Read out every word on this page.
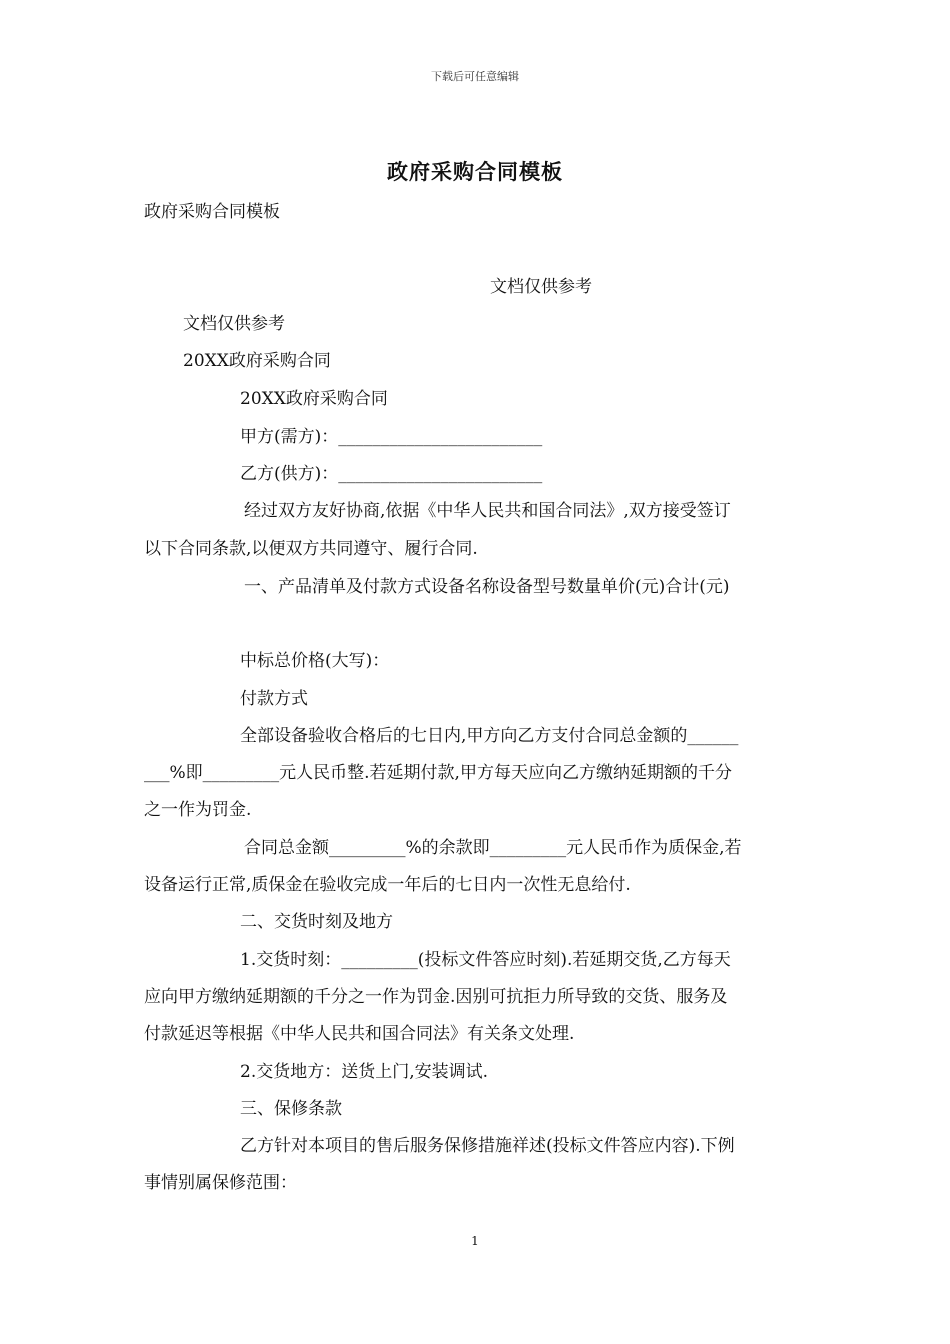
下载后可任意编辑
政府采购合同模板
政府采购合同模板
文档仅供参考
文档仅供参考
20XX政府采购合同
20XX政府采购合同
甲方(需方)：________________________
乙方(供方)：________________________
经过双方友好协商,依据《中华人民共和国合同法》,双方接受签订
以下合同条款,以便双方共同遵守、履行合同.
一、产品清单及付款方式设备名称设备型号数量单价(元)合计(元)
中标总价格(大写)：
付款方式
全部设备验收合格后的七日内,甲方向乙方支付合同总金额的______
___%即_________元人民币整.若延期付款,甲方每天应向乙方缴纳延期额的千分
之一作为罚金.
合同总金额_________%的余款即_________元人民币作为质保金,若
设备运行正常,质保金在验收完成一年后的七日内一次性无息给付.
二、交货时刻及地方
1.交货时刻：_________(投标文件答应时刻).若延期交货,乙方每天
应向甲方缴纳延期额的千分之一作为罚金.因别可抗拒力所导致的交货、服务及
付款延迟等根据《中华人民共和国合同法》有关条文处理.
2.交货地方：送货上门,安装调试.
三、保修条款
乙方针对本项目的售后服务保修措施祥述(投标文件答应内容).下例
事情别属保修范围：
1
